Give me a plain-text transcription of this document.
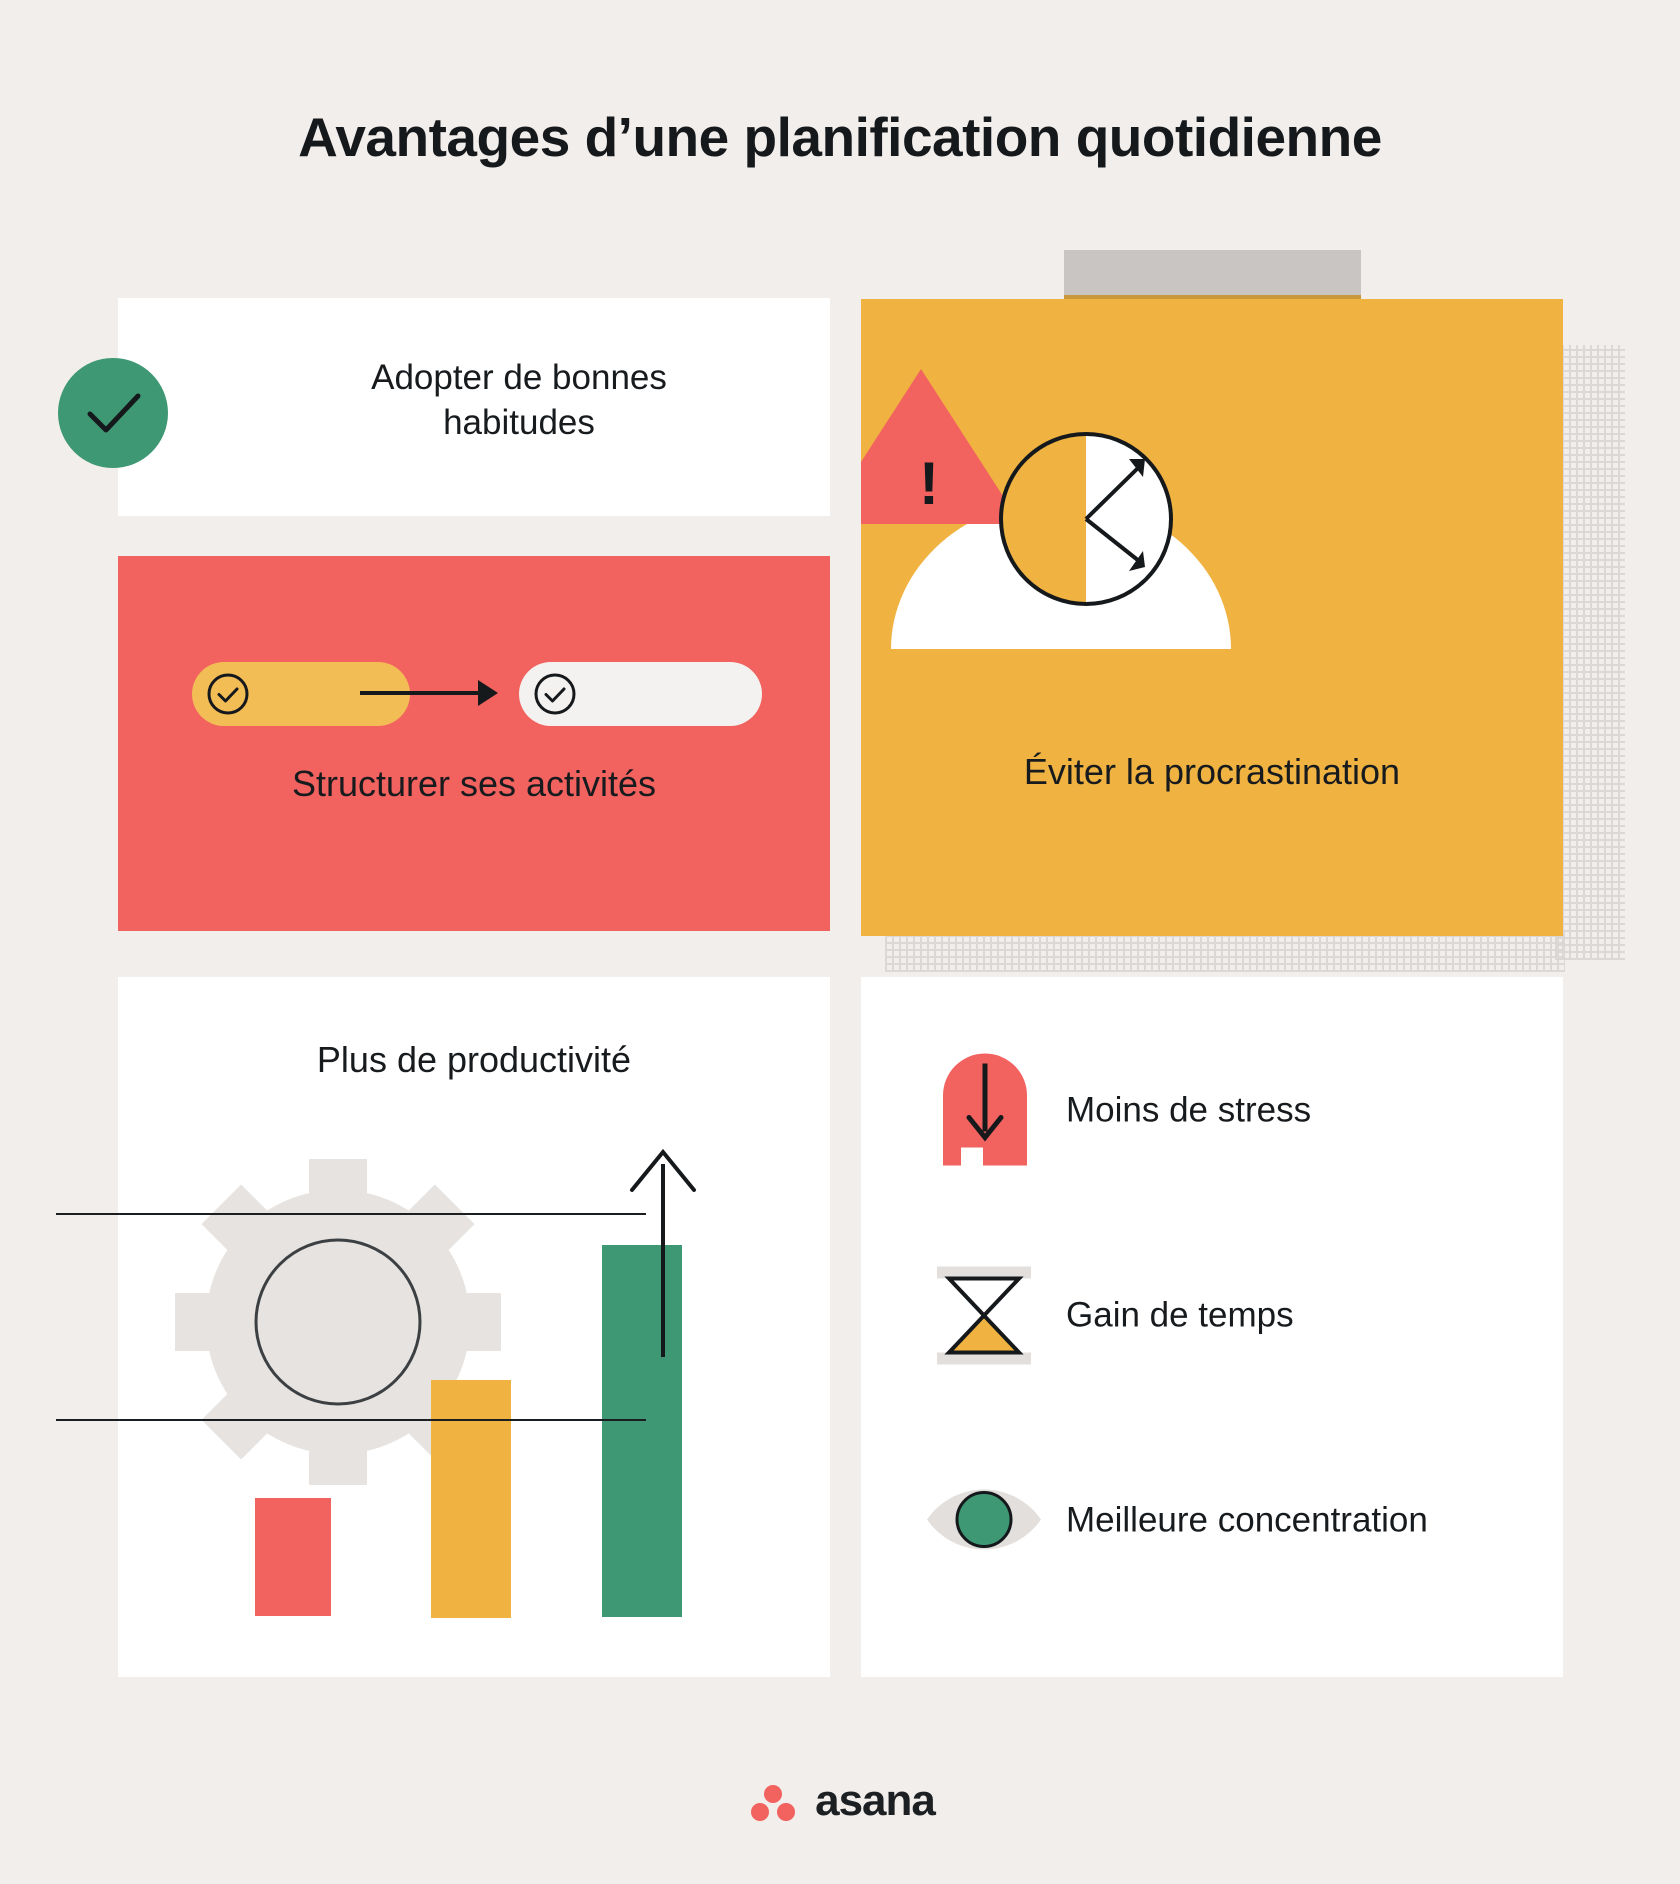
Avantages d’une planification quotidienne
Adopter de bonnes habitudes
Structurer ses activités	Éviter la procrastination
!
Plus de productivité
Moins de stress
Gain de temps
Meilleure concentration
asana
